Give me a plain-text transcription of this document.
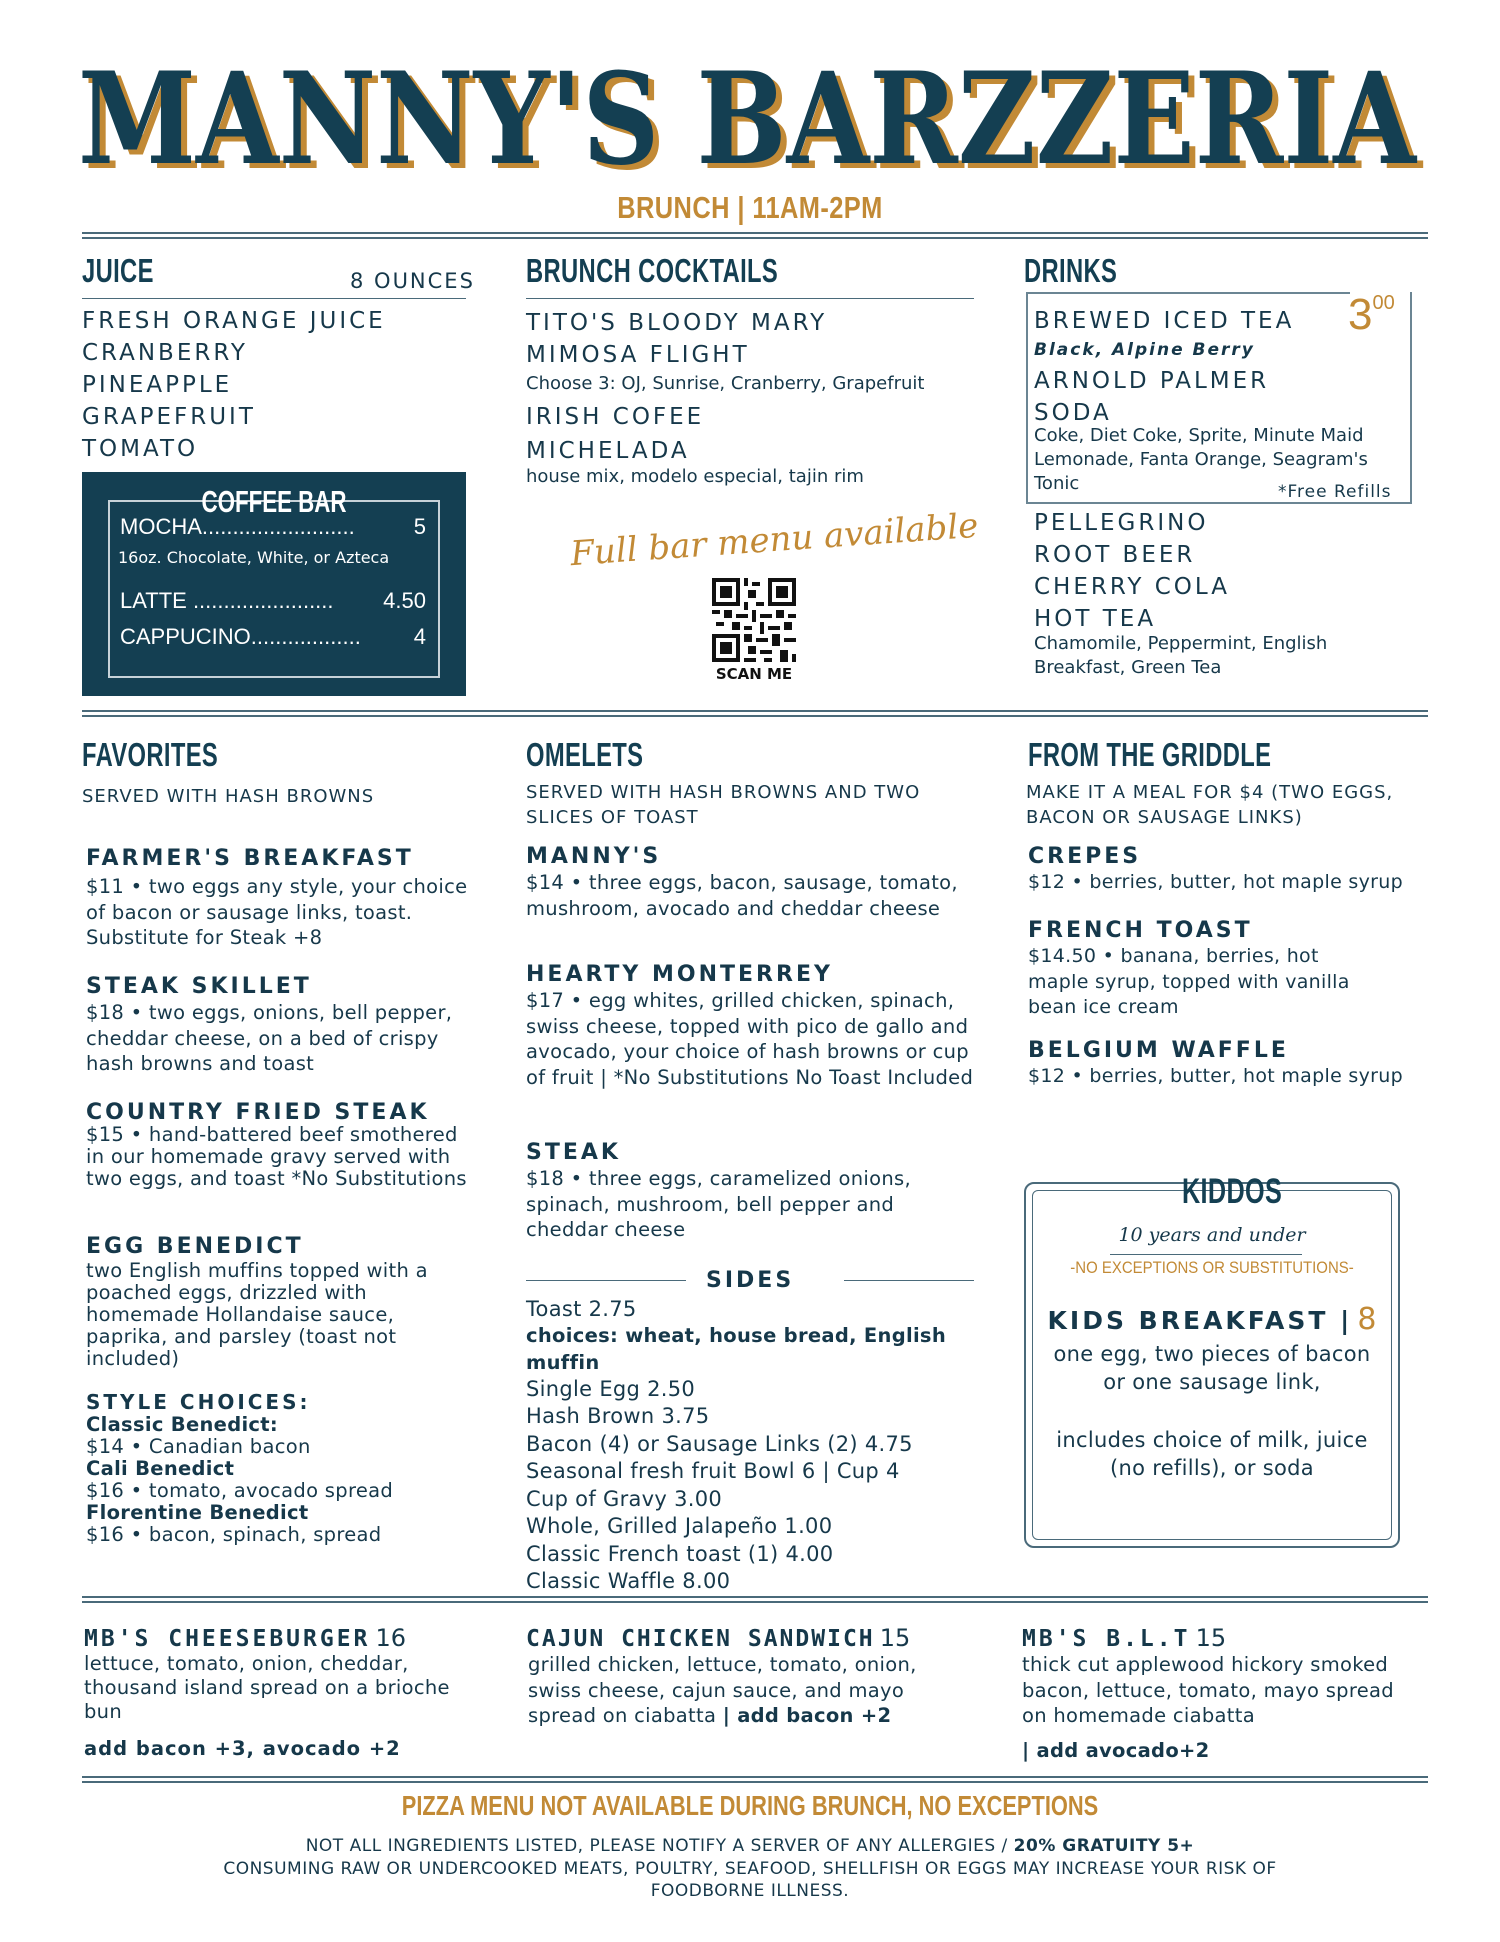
MANNY'S BARZZERIA
MANNY'S BARZZERIA
BRUNCH | 11AM-2PM
JUICE	8 OUNCES
FRESH ORANGE JUICE
CRANBERRY
PINEAPPLE
GRAPEFRUIT
TOMATO
COFFEE BAR
MOCHA.........................	5
16oz. Chocolate, White, or Azteca
LATTE ....................... 4.50
CAPPUCINO.................. 4
BRUNCH COCKTAILS
TITO'S BLOODY MARY
MIMOSA FLIGHT
Choose 3: OJ, Sunrise, Cranberry, Grapefruit
IRISH COFEE
MICHELADA
house mix, modelo especial, tajin rim
Full bar menu available
SCAN ME
DRINKS
300
BREWED ICED TEA
Black, Alpine Berry
ARNOLD PALMER
SODA
Coke, Diet Coke, Sprite, Minute Maid Lemonade, Fanta Orange, Seagram's Tonic	*Free Refills
PELLEGRINO
ROOT BEER
CHERRY COLA
HOT TEA
Chamomile, Peppermint, English Breakfast, Green Tea
FAVORITES
SERVED WITH HASH BROWNS
FARMER'S BREAKFAST
$11 • two eggs any style, your choice of bacon or sausage links, toast. Substitute for Steak +8
STEAK SKILLET
$18 • two eggs, onions, bell pepper, cheddar cheese, on a bed of crispy hash browns and toast
COUNTRY FRIED STEAK
$15 • hand-battered beef smothered in our homemade gravy served with two eggs, and toast *No Substitutions
EGG BENEDICT
two English muffins topped with a poached eggs, drizzled with homemade Hollandaise sauce, paprika, and parsley (toast not included)
STYLE CHOICES:
Classic Benedict:
$14 • Canadian bacon
Cali Benedict
$16 • tomato, avocado spread
Florentine Benedict
$16 • bacon, spinach, spread
OMELETS
SERVED WITH HASH BROWNS AND TWO SLICES OF TOAST
MANNY'S
$14 • three eggs, bacon, sausage, tomato, mushroom, avocado and cheddar cheese
HEARTY MONTERREY
$17 • egg whites, grilled chicken, spinach, swiss cheese, topped with pico de gallo and avocado, your choice of hash browns or cup of fruit | *No Substitutions No Toast Included
STEAK
$18 • three eggs, caramelized onions, spinach, mushroom, bell pepper and cheddar cheese
SIDES
Toast 2.75
choices: wheat, house bread, English muffin
Single Egg 2.50
Hash Brown 3.75
Bacon (4) or Sausage Links (2) 4.75
Seasonal fresh fruit Bowl 6 | Cup 4
Cup of Gravy 3.00
Whole, Grilled Jalapeño 1.00
Classic French toast (1) 4.00
Classic Waffle 8.00
FROM THE GRIDDLE
MAKE IT A MEAL FOR $4 (TWO EGGS, BACON OR SAUSAGE LINKS)
CREPES
$12 • berries, butter, hot maple syrup
FRENCH TOAST
$14.50 • banana, berries, hot maple syrup, topped with vanilla bean ice cream
BELGIUM WAFFLE
$12 • berries, butter, hot maple syrup
KIDDOS
10 years and under
-NO EXCEPTIONS OR SUBSTITUTIONS-
KIDS BREAKFAST | 8
one egg, two pieces of bacon or one sausage link,
includes choice of milk, juice (no refills), or soda
MB'S CHEESEBURGER 16
lettuce, tomato, onion, cheddar, thousand island spread on a brioche bun
add bacon +3, avocado +2
CAJUN CHICKEN SANDWICH 15
grilled chicken, lettuce, tomato, onion, swiss cheese, cajun sauce, and mayo spread on ciabatta | add bacon +2
MB'S B.L.T 15
thick cut applewood hickory smoked bacon, lettuce, tomato, mayo spread on homemade ciabatta
| add avocado+2
PIZZA MENU NOT AVAILABLE DURING BRUNCH, NO EXCEPTIONS
NOT ALL INGREDIENTS LISTED, PLEASE NOTIFY A SERVER OF ANY ALLERGIES / 20% GRATUITY 5+
CONSUMING RAW OR UNDERCOOKED MEATS, POULTRY, SEAFOOD, SHELLFISH OR EGGS MAY INCREASE YOUR RISK OF FOODBORNE ILLNESS.
